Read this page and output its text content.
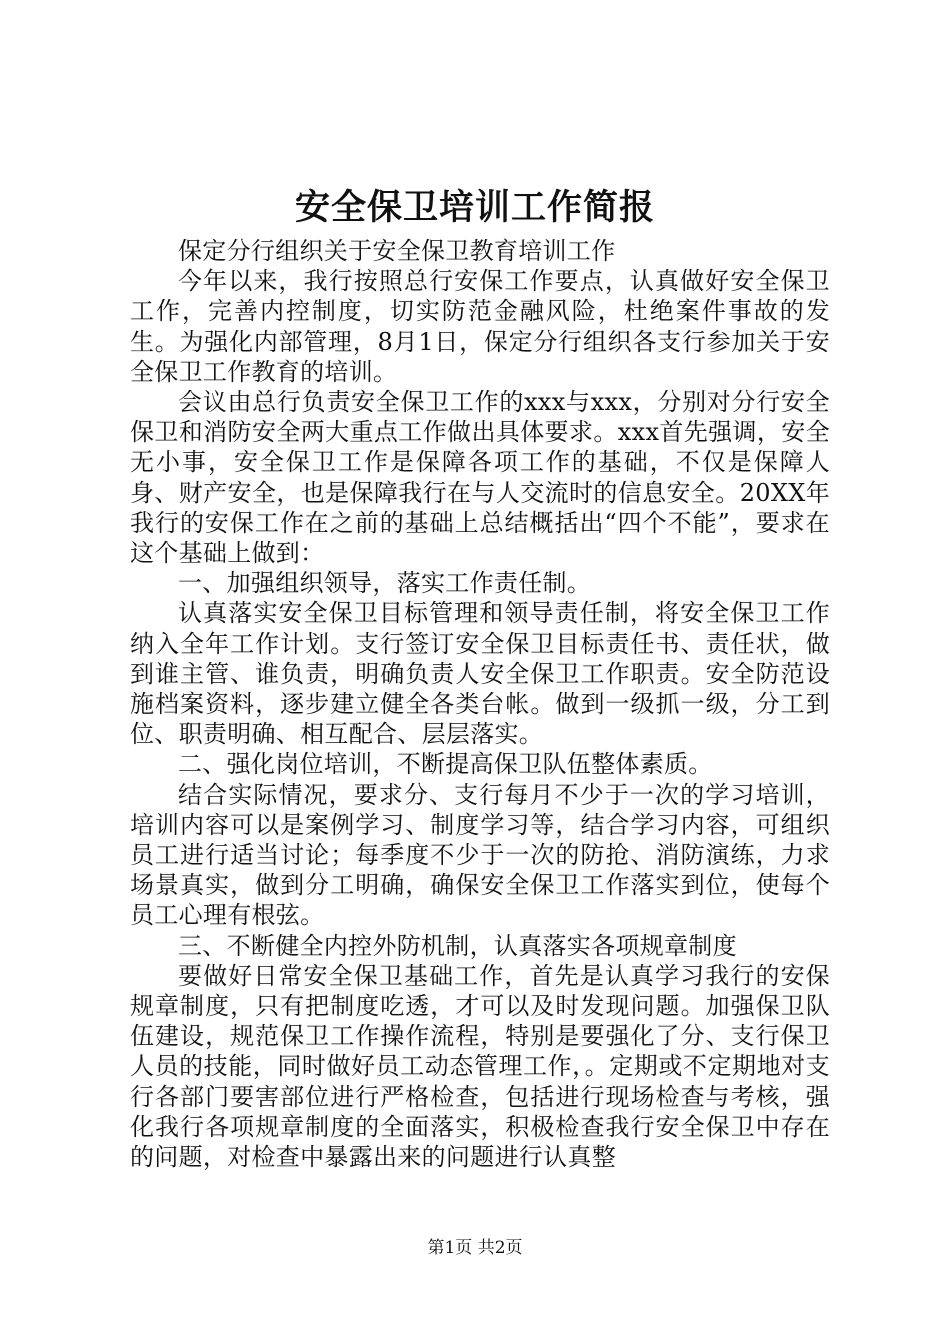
安全保卫培训工作简报

保定分行组织关于安全保卫教育培训工作

今年以来，我行按照总行安保工作要点，认真做好安全保卫工作，完善内控制度，切实防范金融风险，杜绝案件事故的发生。为强化内部管理，8月1日，保定分行组织各支行参加关于安全保卫工作教育的培训。

会议由总行负责安全保卫工作的xxx与xxx，分别对分行安全保卫和消防安全两大重点工作做出具体要求。xxx首先强调，安全无小事，安全保卫工作是保障各项工作的基础，不仅是保障人身、财产安全，也是保障我行在与人交流时的信息安全。20XX年我行的安保工作在之前的基础上总结概括出“四个不能”，要求在这个基础上做到：

一、加强组织领导，落实工作责任制。

认真落实安全保卫目标管理和领导责任制，将安全保卫工作纳入全年工作计划。支行签订安全保卫目标责任书、责任状，做到谁主管、谁负责，明确负责人安全保卫工作职责。安全防范设施档案资料，逐步建立健全各类台帐。做到一级抓一级，分工到位、职责明确、相互配合、层层落实。

二、强化岗位培训，不断提高保卫队伍整体素质。

结合实际情况，要求分、支行每月不少于一次的学习培训，培训内容可以是案例学习、制度学习等，结合学习内容，可组织员工进行适当讨论；每季度不少于一次的防抢、消防演练，力求场景真实，做到分工明确，确保安全保卫工作落实到位，使每个员工心理有根弦。

三、不断健全内控外防机制，认真落实各项规章制度

要做好日常安全保卫基础工作，首先是认真学习我行的安保规章制度，只有把制度吃透，才可以及时发现问题。加强保卫队伍建设，规范保卫工作操作流程，特别是要强化了分、支行保卫人员的技能，同时做好员工动态管理工作，。定期或不定期地对支行各部门要害部位进行严格检查，包括进行现场检查与考核，强化我行各项规章制度的全面落实，积极检查我行安全保卫中存在的问题，对检查中暴露出来的问题进行认真整

第1页 共2页
